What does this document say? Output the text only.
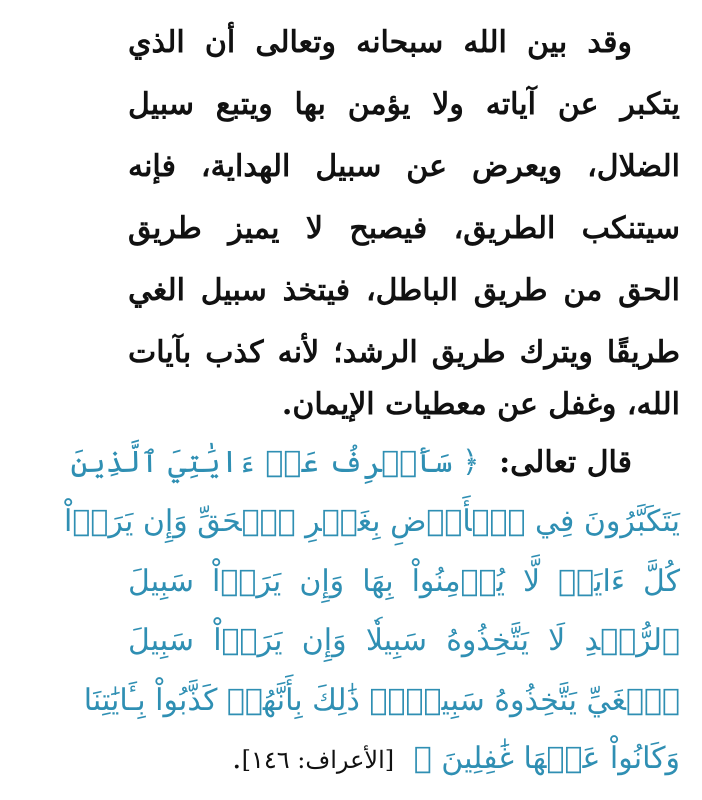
وقد بين الله سبحانه وتعالى أن الذي
يتكبر عن آياته ولا يؤمن بها ويتبع سبيل
الضلال، ويعرض عن سبيل الهداية، فإنه
سيتنكب الطريق، فيصبح لا يميز طريق
الحق من طريق الباطل، فيتخذ سبيل الغي
طريقًا ويترك طريق الرشد؛ لأنه كذب بآيات
الله، وغفل عن معطيات الإيمان.
قال تعالى: ﴿ سَأَصۡرِفُ عَنۡ ءَايَٰتِيَ ٱلَّذِينَ
يَتَكَبَّرُونَ فِي ٱلۡأَرۡضِ بِغَيۡرِ ٱلۡحَقِّ وَإِن يَرَوۡاْ
كُلَّ ءَايَةٖ لَّا يُؤۡمِنُواْ بِهَا وَإِن يَرَوۡاْ سَبِيلَ
ٱلرُّشۡدِ لَا يَتَّخِذُوهُ سَبِيلٗا وَإِن يَرَوۡاْ سَبِيلَ
ٱلۡغَيِّ يَتَّخِذُوهُ سَبِيلٗاۚ ذَٰلِكَ بِأَنَّهُمۡ كَذَّبُواْ بِـَٔايَٰتِنَا
وَكَانُواْ عَنۡهَا غَٰفِلِينَ ﴾ [الأعراف: ١٤٦].
